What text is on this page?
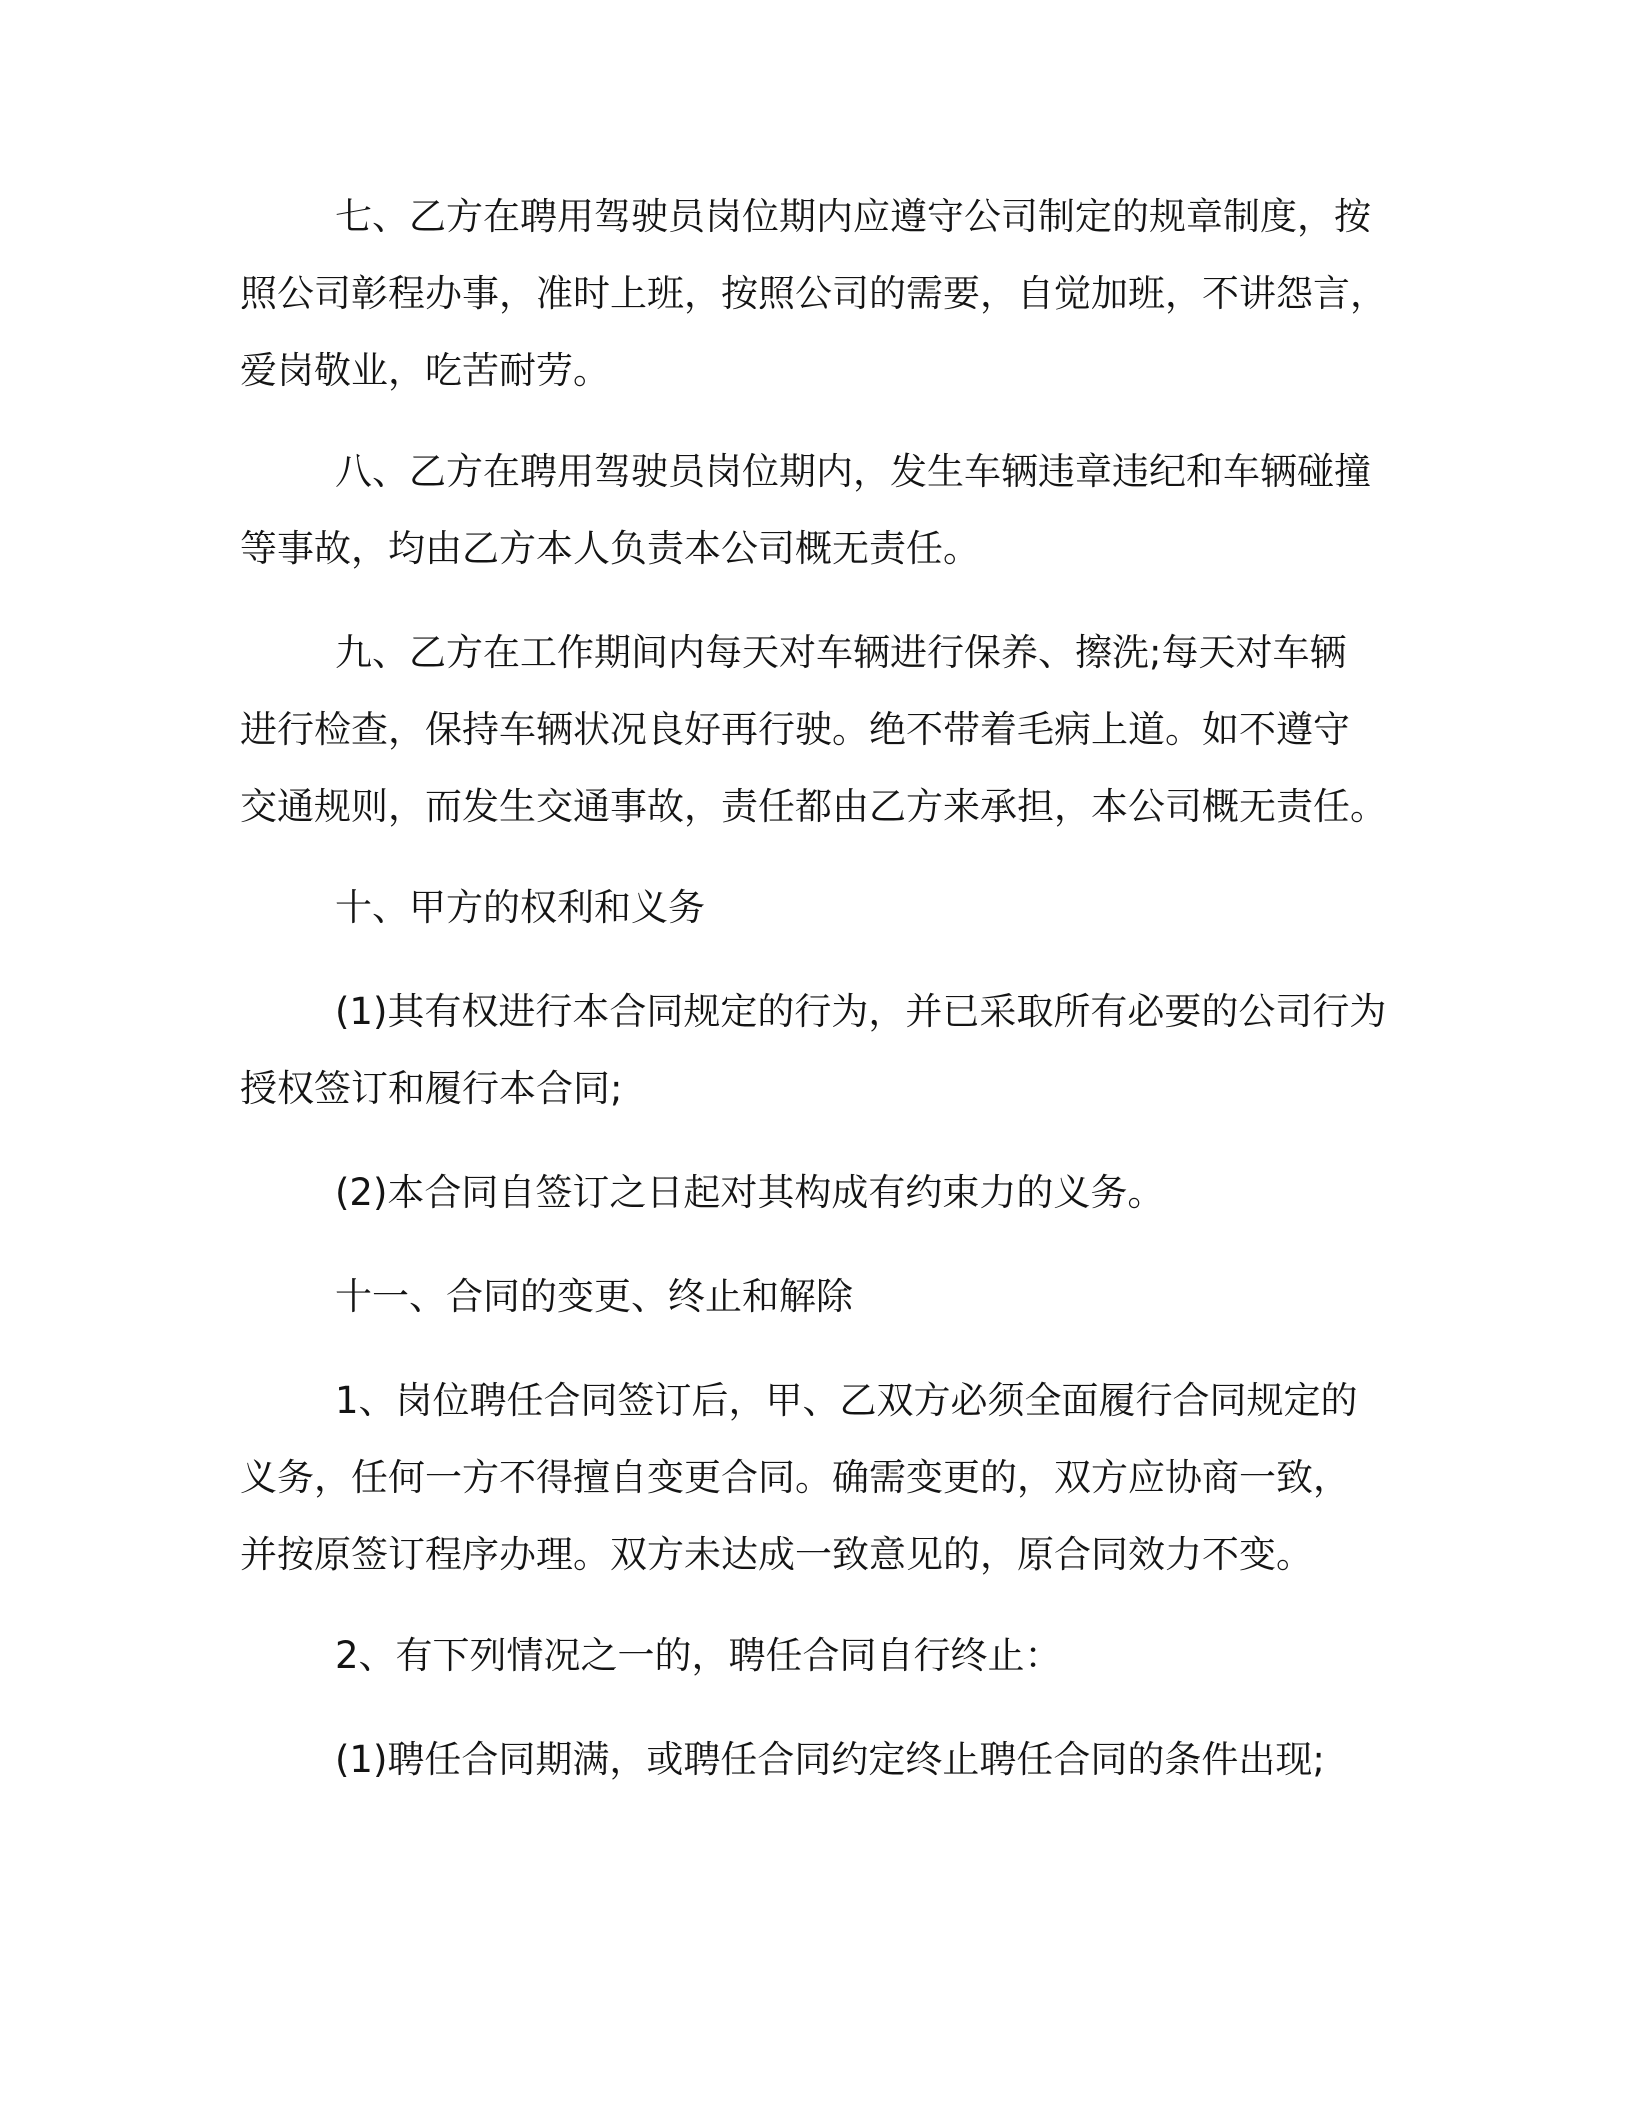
七、乙方在聘用驾驶员岗位期内应遵守公司制定的规章制度，按
照公司彰程办事，准时上班，按照公司的需要，自觉加班，不讲怨言，
爱岗敬业，吃苦耐劳。
八、乙方在聘用驾驶员岗位期内，发生车辆违章违纪和车辆碰撞
等事故，均由乙方本人负责本公司概无责任。
九、乙方在工作期间内每天对车辆进行保养、擦洗;每天对车辆
进行检查，保持车辆状况良好再行驶。绝不带着毛病上道。如不遵守
交通规则，而发生交通事故，责任都由乙方来承担，本公司概无责任。
十、甲方的权利和义务
(1)其有权进行本合同规定的行为，并已采取所有必要的公司行为
授权签订和履行本合同;
(2)本合同自签订之日起对其构成有约束力的义务。
十一、合同的变更、终止和解除
1、岗位聘任合同签订后，甲、乙双方必须全面履行合同规定的
义务，任何一方不得擅自变更合同。确需变更的，双方应协商一致，
并按原签订程序办理。双方未达成一致意见的，原合同效力不变。
2、有下列情况之一的，聘任合同自行终止：
(1)聘任合同期满，或聘任合同约定终止聘任合同的条件出现;
